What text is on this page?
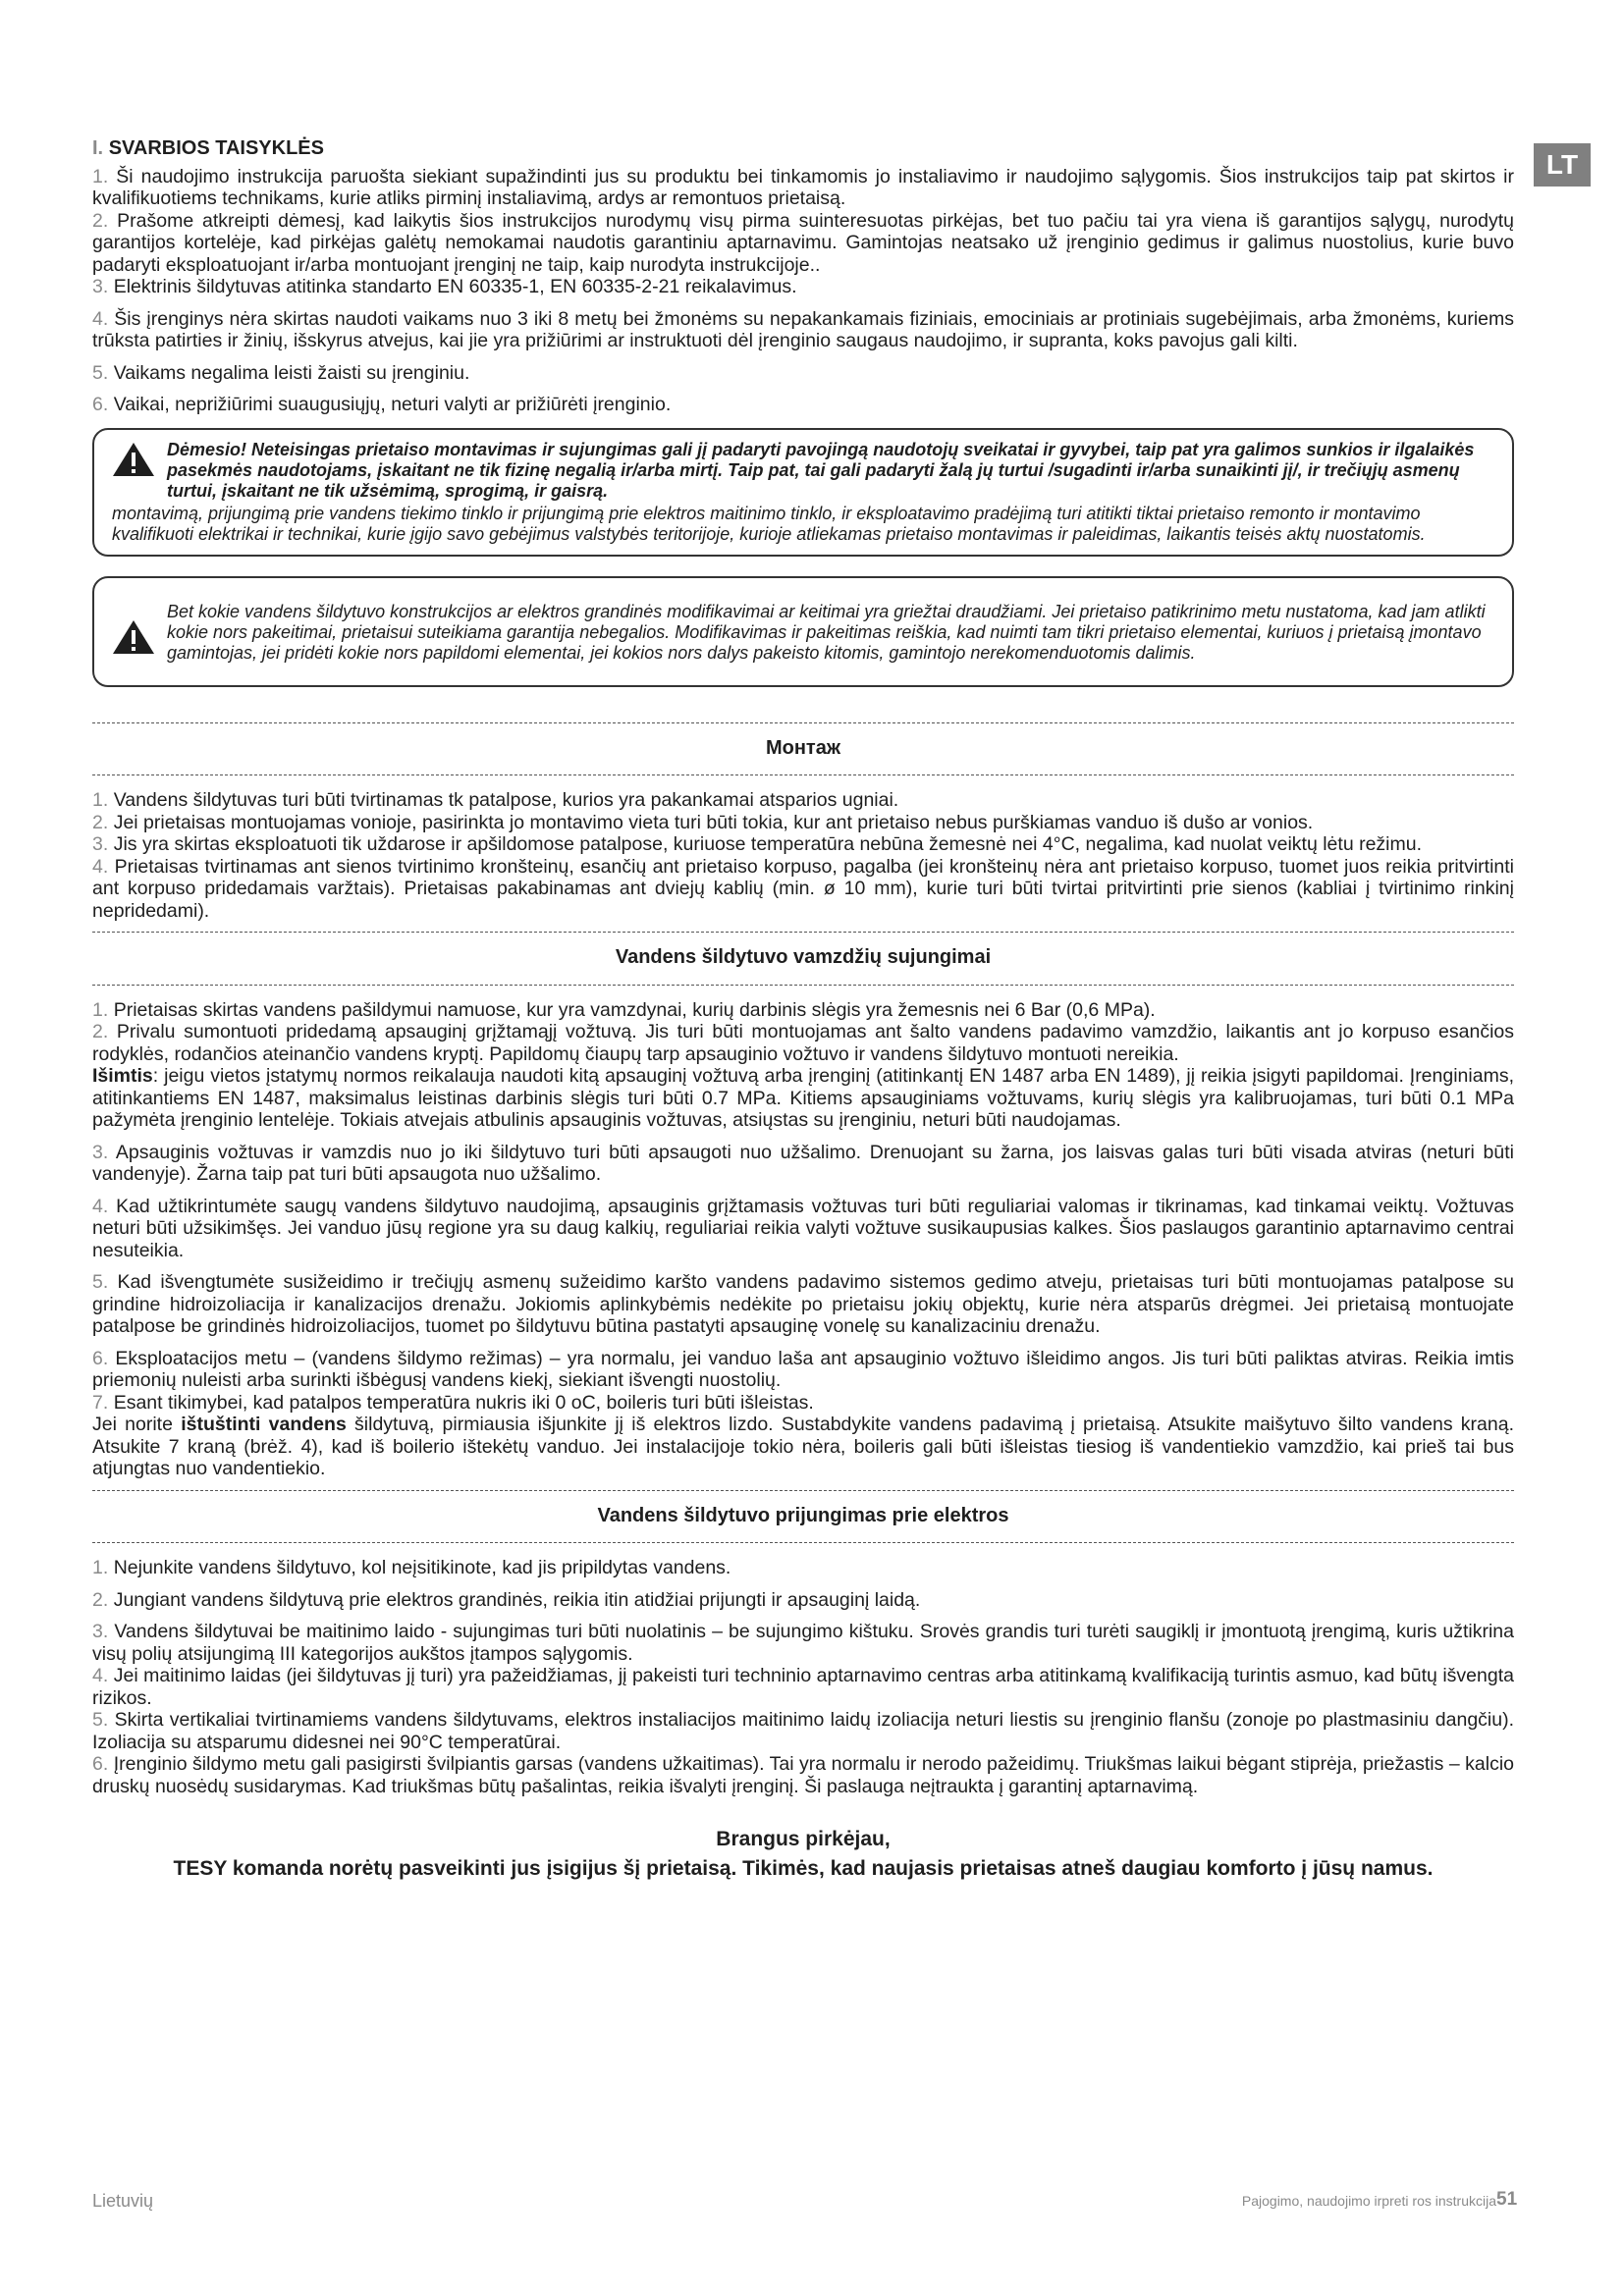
LT
I. SVARBIOS TAISYKLĖS

1. Ši naudojimo instrukcija paruošta siekiant supažindinti jus su produktu bei tinkamomis jo instaliavimo ir naudojimo sąlygomis. Šios instrukcijos taip pat skirtos ir kvalifikuotiems technikams, kurie atliks pirminį instaliavimą, ardys ar remontuos prietaisą.

2. Prašome atkreipti dėmesį, kad laikytis šios instrukcijos nurodymų visų pirma suinteresuotas pirkėjas, bet tuo pačiu tai yra viena iš garantijos sąlygų, nurodytų garantijos kortelėje, kad pirkėjas galėtų nemokamai naudotis garantiniu aptarnavimu. Gamintojas neatsako už įrenginio gedimus ir galimus nuostolius, kurie buvo padaryti eksploatuojant ir/arba montuojant įrenginį ne taip, kaip nurodyta instrukcijoje..

3. Elektrinis šildytuvas atitinka standarto EN 60335-1, EN 60335-2-21 reikalavimus.

4. Šis įrenginys nėra skirtas naudoti vaikams nuo 3 iki 8 metų bei žmonėms su nepakankamais fiziniais, emociniais ar protiniais sugebėjimais, arba žmonėms, kuriems trūksta patirties ir žinių, išskyrus atvejus, kai jie yra prižiūrimi ar instruktuoti dėl įrenginio saugaus naudojimo, ir supranta, koks pavojus gali kilti.

5. Vaikams negalima leisti žaisti su įrenginiu.

6. Vaikai, neprižiūrimi suaugusiųjų, neturi valyti ar prižiūrėti įrenginio.

Dėmesio! Neteisingas prietaiso montavimas ir sujungimas gali jį padaryti pavojingą naudotojų sveikatai ir gyvybei, taip pat yra galimos sunkios ir ilgalaikės pasekmės naudotojams, įskaitant ne tik fizinę negalią ir/arba mirtį. Taip pat, tai gali padaryti žalą jų turtui /sugadinti ir/arba sunaikinti jį/, ir trečiųjų asmenų turtui, įskaitant ne tik užsėmimą, sprogimą, ir gaisrą.
montavimą, prijungimą prie vandens tiekimo tinklo ir prijungimą prie elektros maitinimo tinklo, ir eksploatavimo pradėjimą turi atitikti tiktai prietaiso remonto ir montavimo kvalifikuoti elektrikai ir technikai, kurie įgijo savo gebėjimus valstybės teritorijoje, kurioje atliekamas prietaiso montavimas ir paleidimas, laikantis teisės aktų nuostatomis.
Bet kokie vandens šildytuvo konstrukcijos ar elektros grandinės modifikavimai ar keitimai yra griežtai draudžiami. Jei prietaiso patikrinimo metu nustatoma, kad jam atlikti kokie nors pakeitimai, prietaisui suteikiama garantija nebegalios. Modifikavimas ir pakeitimas reiškia, kad nuimti tam tikri prietaiso elementai, kuriuos į prietaisą įmontavo gamintojas, jei pridėti kokie nors papildomi elementai, jei kokios nors dalys pakeisto kitomis, gamintojo nerekomenduotomis dalimis.
Монтаж

1. Vandens šildytuvas turi būti tvirtinamas tk patalpose, kurios yra pakankamai atsparios ugniai.

2. Jei prietaisas montuojamas vonioje, pasirinkta jo montavimo vieta turi būti tokia, kur ant prietaiso nebus purškiamas vanduo iš dušo ar vonios.

3. Jis yra skirtas eksploatuoti tik uždarose ir apšildomose patalpose, kuriuose temperatūra nebūna žemesnė nei 4°C, negalima, kad nuolat veiktų lėtu režimu.

4. Prietaisas tvirtinamas ant sienos tvirtinimo kronšteinų, esančių ant prietaiso korpuso, pagalba (jei kronšteinų nėra ant prietaiso korpuso, tuomet juos reikia pritvirtinti ant korpuso pridedamais varžtais). Prietaisas pakabinamas ant dviejų kablių (min. ø 10 mm), kurie turi būti tvirtai pritvirtinti prie sienos (kabliai į tvirtinimo rinkinį nepridedami).

Vandens šildytuvo vamzdžių sujungimai

1. Prietaisas skirtas vandens pašildymui namuose, kur yra vamzdynai, kurių darbinis slėgis yra žemesnis nei 6 Bar (0,6 MPa).

2. Privalu sumontuoti pridedamą apsauginį grįžtamąjį vožtuvą. Jis turi būti montuojamas ant šalto vandens padavimo vamzdžio, laikantis ant jo korpuso esančios rodyklės, rodančios ateinančio vandens kryptį. Papildomų čiaupų tarp apsauginio vožtuvo ir vandens šildytuvo montuoti nereikia.

Išimtis: jeigu vietos įstatymų normos reikalauja naudoti kitą apsauginį vožtuvą arba įrenginį (atitinkantį EN 1487 arba EN 1489), jį reikia įsigyti papildomai. Įrenginiams, atitinkantiems EN 1487, maksimalus leistinas darbinis slėgis turi būti 0.7 MPa. Kitiems apsauginiams vožtuvams, kurių slėgis yra kalibruojamas, turi būti 0.1 MPa pažymėta įrenginio lentelėje. Tokiais atvejais atbulinis apsauginis vožtuvas, atsiųstas su įrenginiu, neturi būti naudojamas.

3. Apsauginis vožtuvas ir vamzdis nuo jo iki šildytuvo turi būti apsaugoti nuo užšalimo. Drenuojant su žarna, jos laisvas galas turi būti visada atviras (neturi būti vandenyje). Žarna taip pat turi būti apsaugota nuo užšalimo.

4. Kad užtikrintumėte saugų vandens šildytuvo naudojimą, apsauginis grįžtamasis vožtuvas turi būti reguliariai valomas ir tikrinamas, kad tinkamai veiktų. Vožtuvas neturi būti užsikimšęs. Jei vanduo jūsų regione yra su daug kalkių, reguliariai reikia valyti vožtuve susikaupusias kalkes. Šios paslaugos garantinio aptarnavimo centrai nesuteikia.

5. Kad išvengtumėte susižeidimo ir trečiųjų asmenų sužeidimo karšto vandens padavimo sistemos gedimo atveju, prietaisas turi būti montuojamas patalpose su grindine hidroizoliacija ir kanalizacijos drenažu. Jokiomis aplinkybėmis nedėkite po prietaisu jokių objektų, kurie nėra atsparūs drėgmei. Jei prietaisą montuojate patalpose be grindinės hidroizoliacijos, tuomet po šildytuvu būtina pastatyti apsauginę vonelę su kanalizaciniu drenažu.

6. Eksploatacijos metu – (vandens šildymo režimas) – yra normalu, jei vanduo laša ant apsauginio vožtuvo išleidimo angos. Jis turi būti paliktas atviras. Reikia imtis priemonių nuleisti arba surinkti išbėgusį vandens kiekį, siekiant išvengti nuostolių.

7. Esant tikimybei, kad patalpos temperatūra nukris iki 0 oC, boileris turi būti išleistas.

Jei norite ištuštinti vandens šildytuvą, pirmiausia išjunkite jį iš elektros lizdo. Sustabdykite vandens padavimą į prietaisą. Atsukite maišytuvo šilto vandens kraną. Atsukite 7 kraną (brėž. 4), kad iš boilerio ištekėtų vanduo. Jei instalacijoje tokio nėra, boileris gali būti išleistas tiesiog iš vandentiekio vamzdžio, kai prieš tai bus atjungtas nuo vandentiekio.

Vandens šildytuvo prijungimas prie elektros

1. Nejunkite vandens šildytuvo, kol neįsitikinote, kad jis pripildytas vandens.

2. Jungiant vandens šildytuvą prie elektros grandinės, reikia itin atidžiai prijungti ir apsauginį laidą.

3. Vandens šildytuvai be maitinimo laido - sujungimas turi būti nuolatinis – be sujungimo kištuku. Srovės grandis turi turėti saugiklį ir įmontuotą įrengimą, kuris užtikrina visų polių atsijungimą III kategorijos aukštos įtampos sąlygomis.

4. Jei maitinimo laidas (jei šildytuvas jį turi) yra pažeidžiamas, jį pakeisti turi techninio aptarnavimo centras arba atitinkamą kvalifikaciją turintis asmuo, kad būtų išvengta rizikos.

5. Skirta vertikaliai tvirtinamiems vandens šildytuvams, elektros instaliacijos maitinimo laidų izoliacija neturi liestis su įrenginio flanšu (zonoje po plastmasiniu dangčiu). Izoliacija su atsparumu didesnei nei 90°C temperatūrai.

6. Įrenginio šildymo metu gali pasigirsti švilpiantis garsas (vandens užkaitimas). Tai yra normalu ir nerodo pažeidimų. Triukšmas laikui bėgant stiprėja, priežastis – kalcio druskų nuosėdų susidarymas. Kad triukšmas būtų pašalintas, reikia išvalyti įrenginį. Ši paslauga neįtraukta į garantinį aptarnavimą.

Brangus pirkėjau,
TESY komanda norėtų pasveikinti jus įsigijus šį prietaisą. Tikimės, kad naujasis prietaisas atneš daugiau komforto į jūsų namus.
Lietuvių	Pajogimo, naudojimo irpreti ros instrukcija 51
